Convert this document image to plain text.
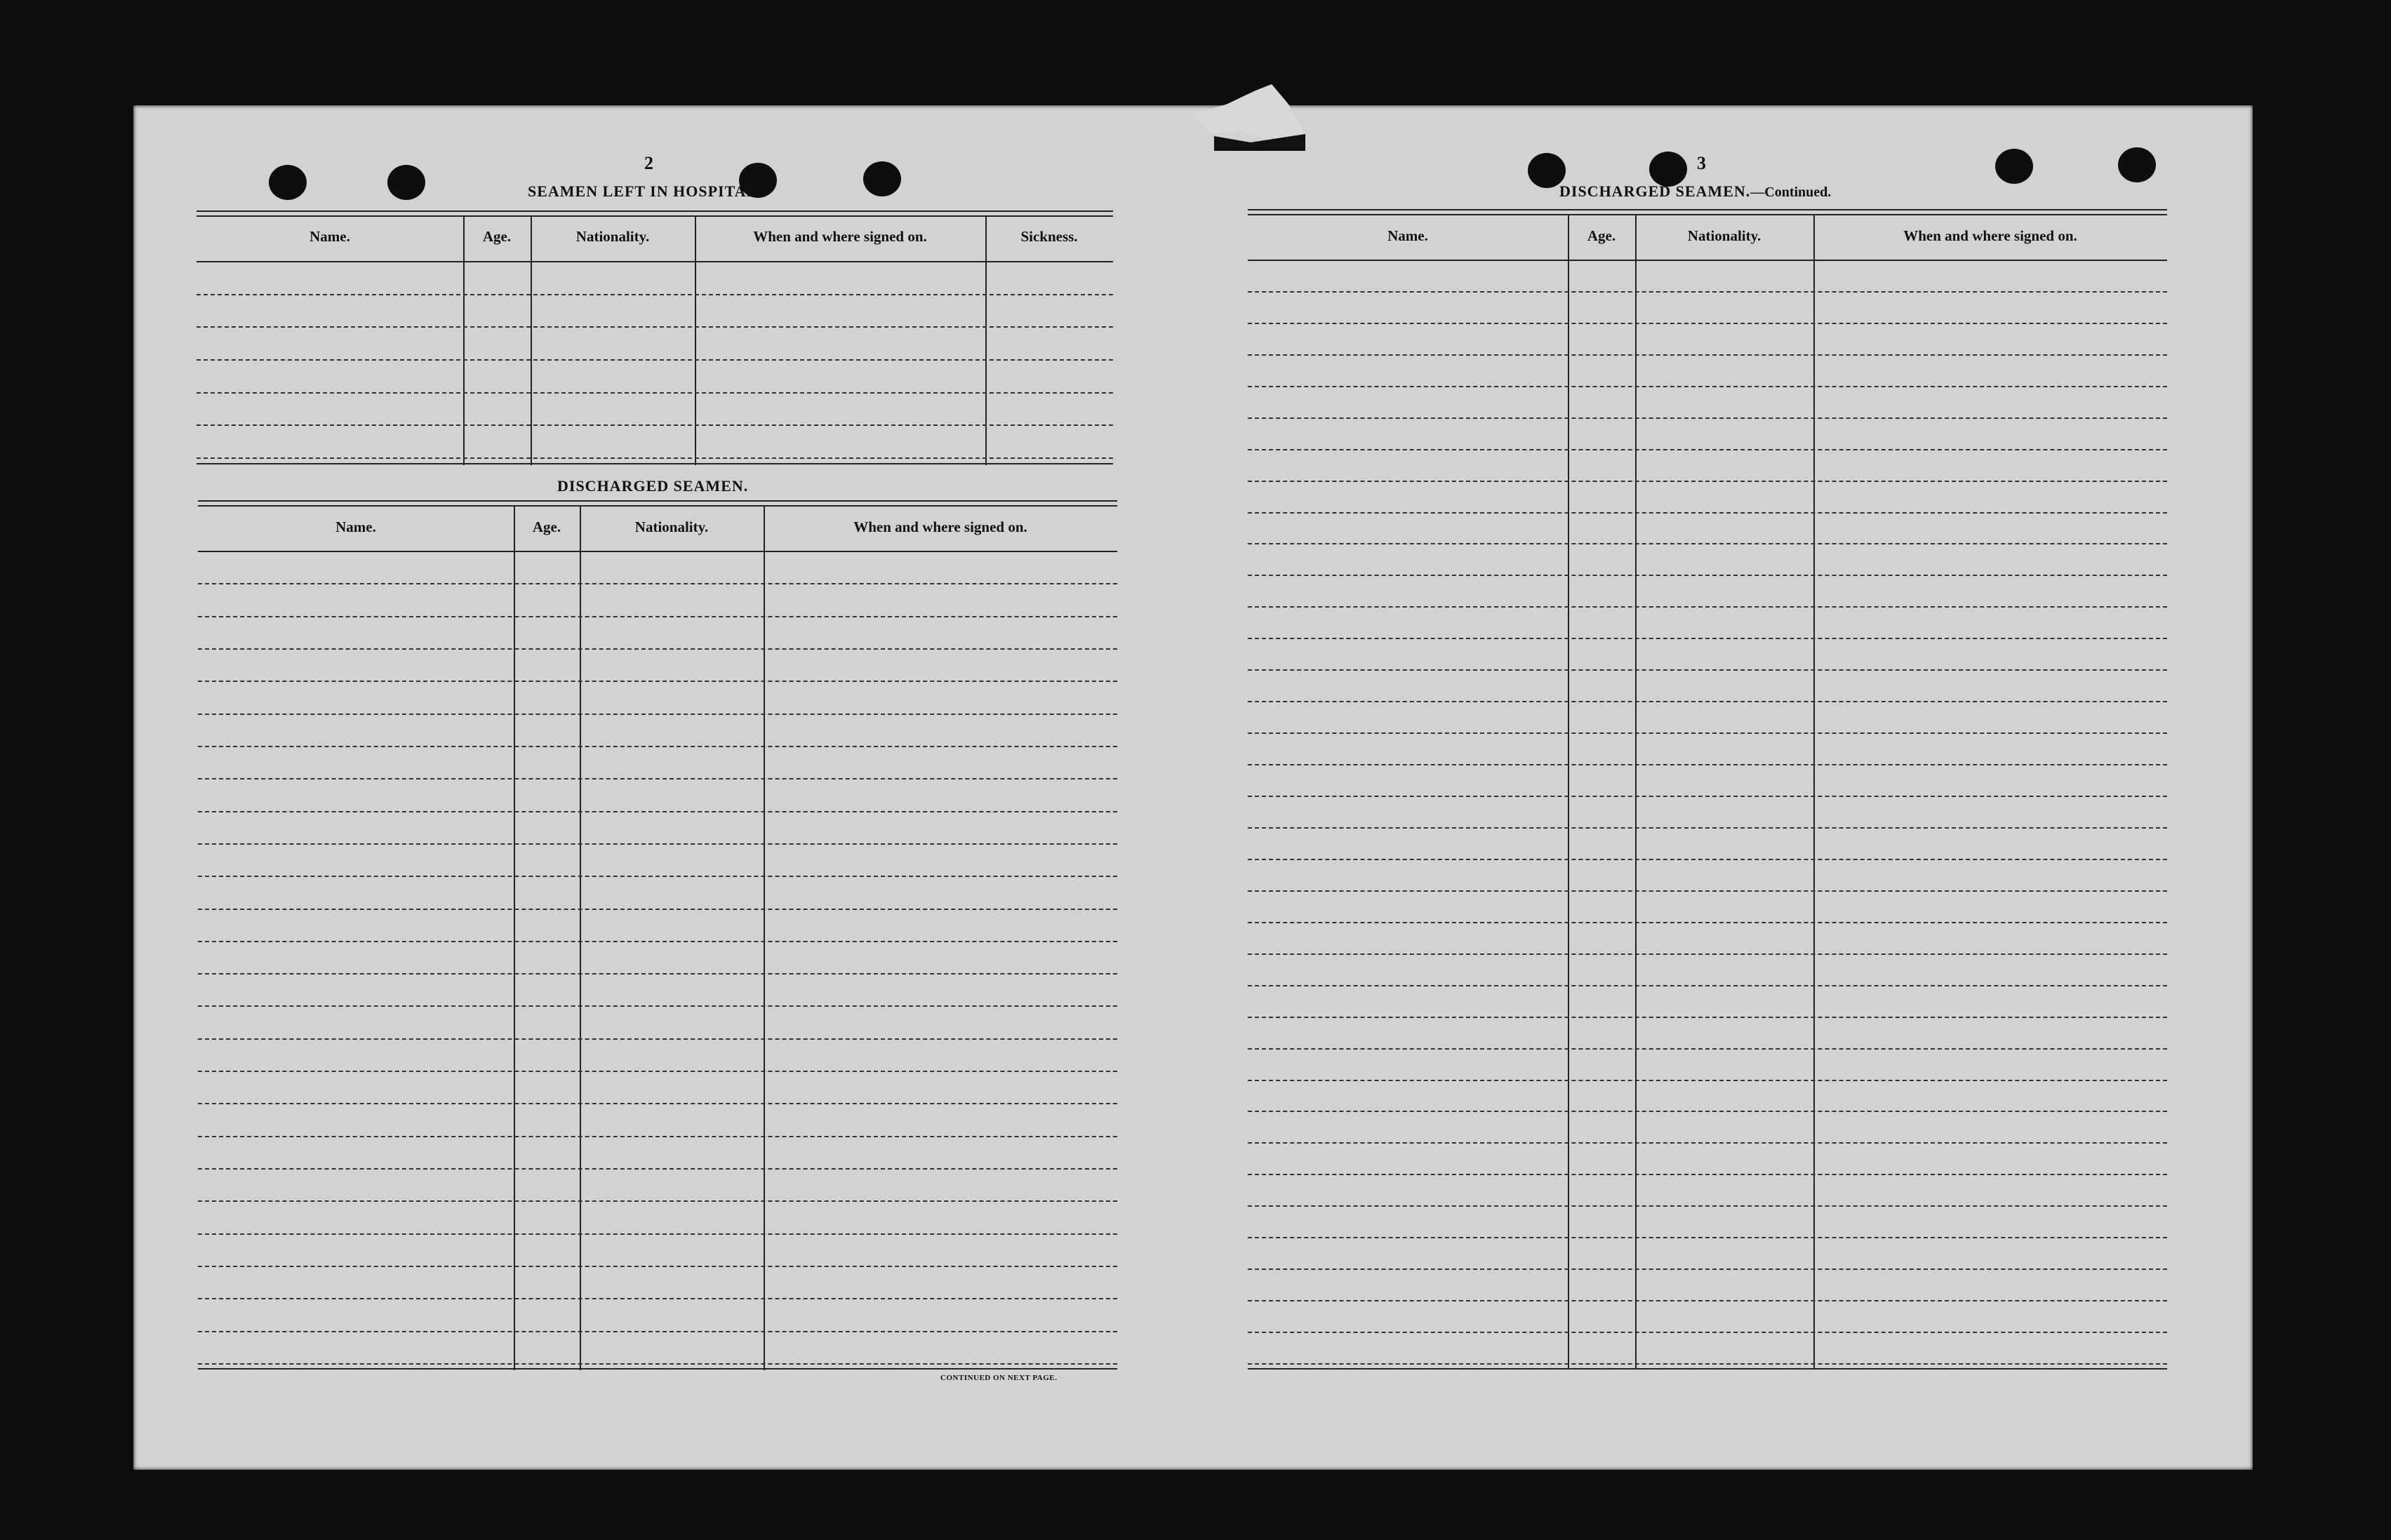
2
SEAMEN LEFT IN HOSPITAL
Name.	Age.	Nationality.	When and where signed on.	Sickness.
DISCHARGED SEAMEN.
Name.	Age.	Nationality.	When and where signed on.
CONTINUED ON NEXT PAGE.
3
DISCHARGED SEAMEN.—Continued.
Name.	Age.	Nationality.	When and where signed on.
